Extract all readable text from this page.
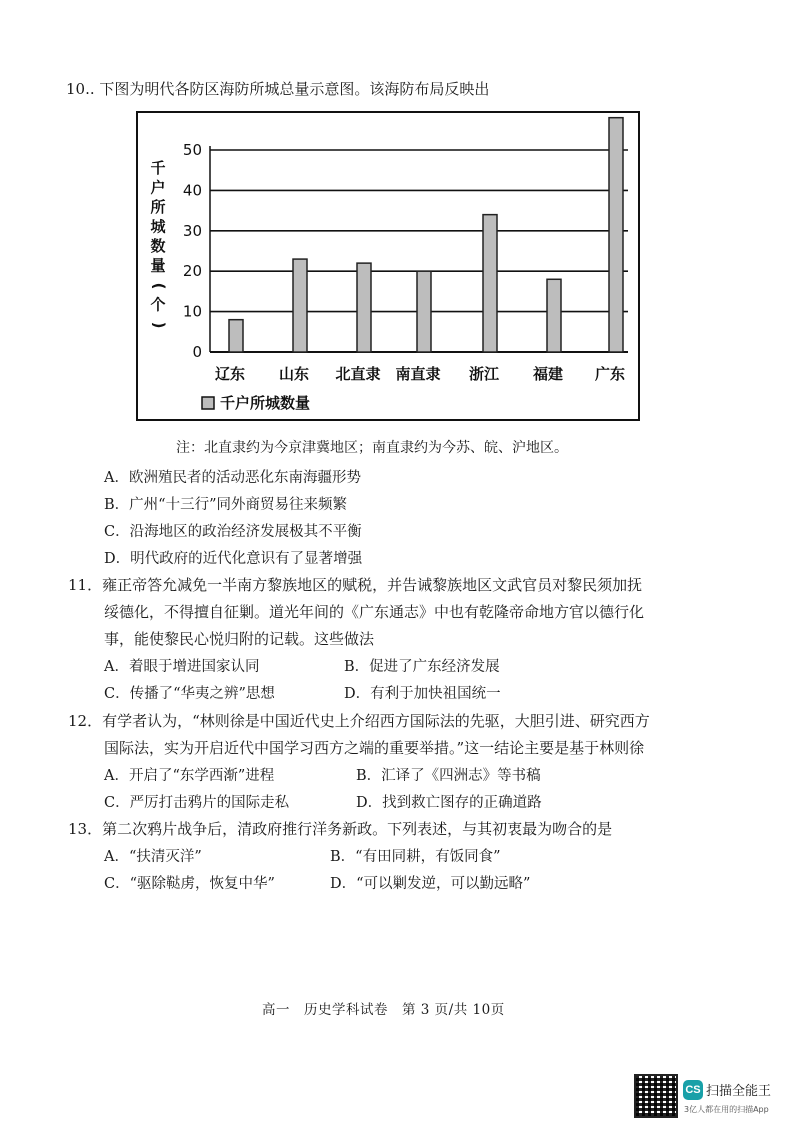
10.. 下图为明代各防区海防所城总量示意图。该海防布局反映出
0
10
20
30
40
50
千
户
所
城
数
量
(
个
)
辽东 山东 北直隶 南直隶 浙江 福建 广东
千户所城数量
注：北直隶约为今京津冀地区；南直隶约为今苏、皖、沪地区。
A．欧洲殖民者的活动恶化东南海疆形势
B．广州“十三行”同外商贸易往来频繁
C．沿海地区的政治经济发展极其不平衡
D．明代政府的近代化意识有了显著增强
11．雍正帝答允减免一半南方黎族地区的赋税，并告诫黎族地区文武官员对黎民须加抚
绥德化，不得擅自征剿。道光年间的《广东通志》中也有乾隆帝命地方官以德行化
事，能使黎民心悦归附的记载。这些做法
A．着眼于增进国家认同	B．促进了广东经济发展
C．传播了“华夷之辨”思想	D．有利于加快祖国统一
12．有学者认为，“林则徐是中国近代史上介绍西方国际法的先驱，大胆引进、研究西方
国际法，实为开启近代中国学习西方之端的重要举措。”这一结论主要是基于林则徐
A．开启了“东学西渐”进程	B．汇译了《四洲志》等书稿
C．严厉打击鸦片的国际走私	D．找到救亡图存的正确道路
13．第二次鸦片战争后，清政府推行洋务新政。下列表述，与其初衷最为吻合的是
A．“扶清灭洋”	B．“有田同耕，有饭同食”
C．“驱除鞑虏，恢复中华”	D．“可以剿发逆，可以勤远略”
高一　历史学科试卷　第 3 页/共 10页
CS 扫描全能王
3亿人都在用的扫描App
